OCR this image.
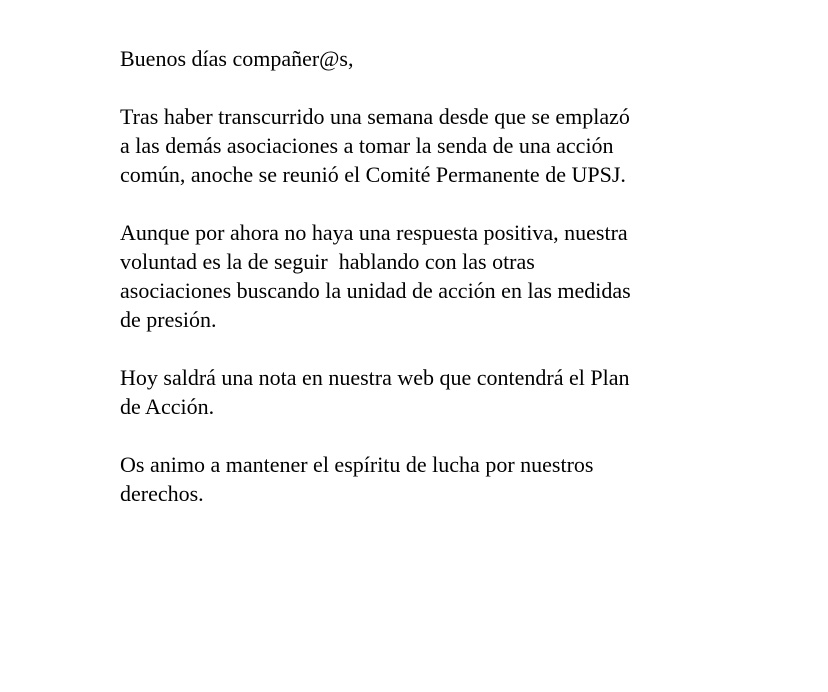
Buenos días compañer@s,
Tras haber transcurrido una semana desde que se emplazó
a las demás asociaciones a tomar la senda de una acción
común, anoche se reunió el Comité Permanente de UPSJ.
Aunque por ahora no haya una respuesta positiva, nuestra
voluntad es la de seguir  hablando con las otras
asociaciones buscando la unidad de acción en las medidas
de presión.
Hoy saldrá una nota en nuestra web que contendrá el Plan
de Acción.
Os animo a mantener el espíritu de lucha por nuestros
derechos.
